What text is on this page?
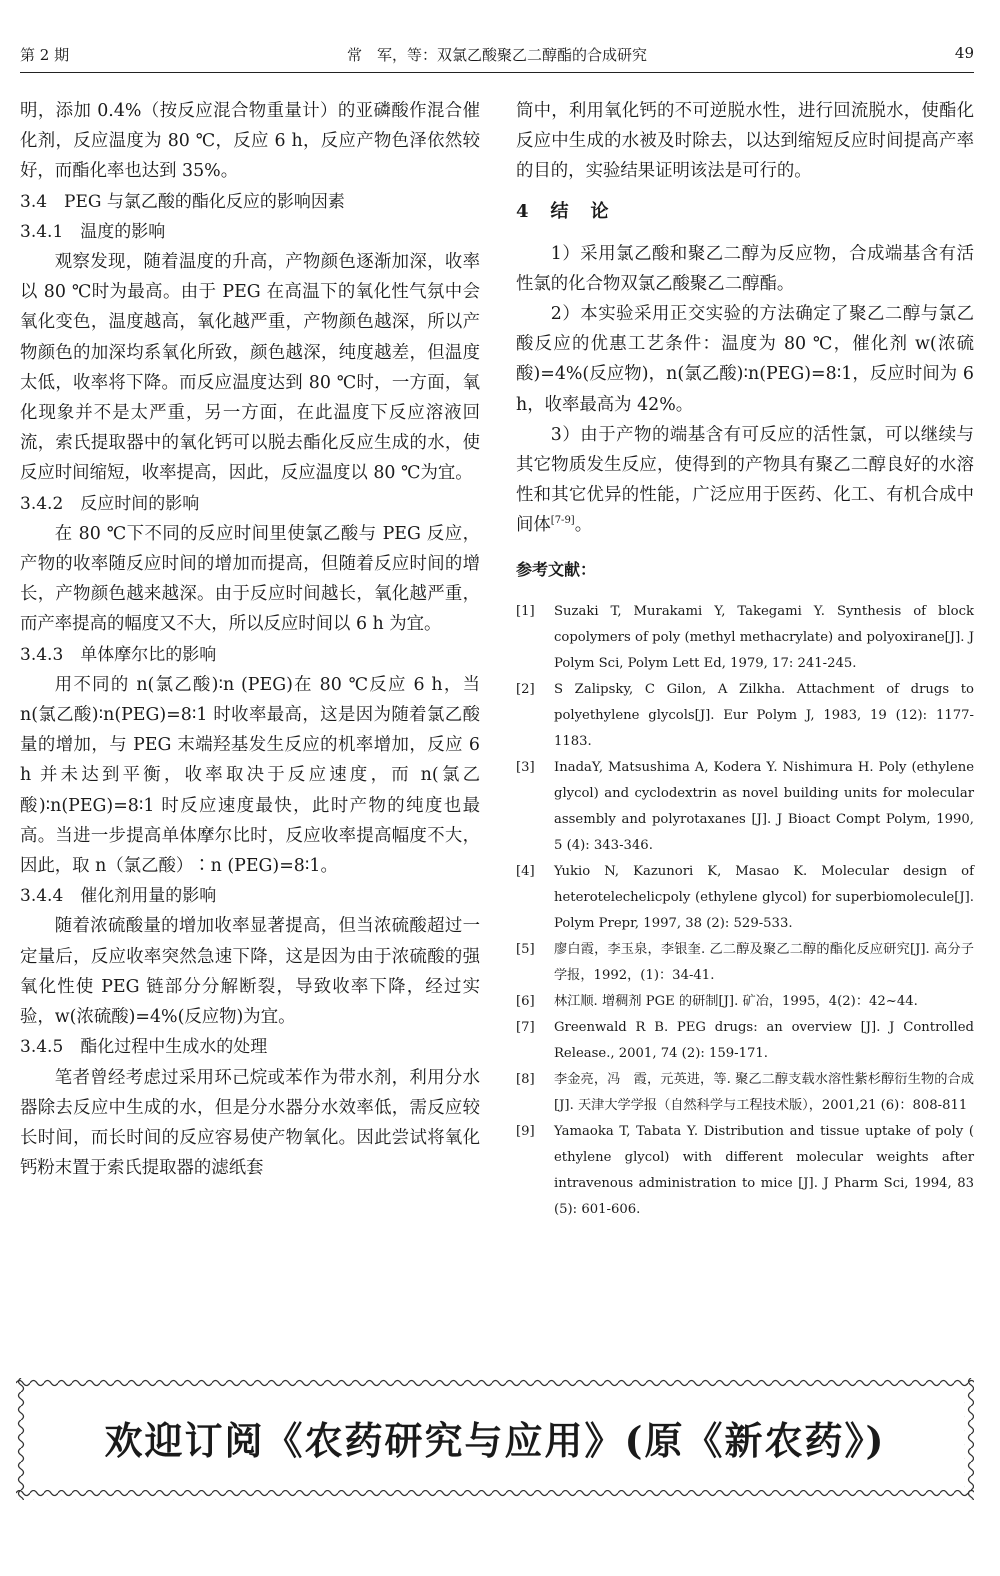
第 2 期	常　军，等：双氯乙酸聚乙二醇酯的合成研究	49

明，添加 0.4%（按反应混合物重量计）的亚磷酸作混合催化剂，反应温度为 80 ℃，反应 6 h，反应产物色泽依然较好，而酯化率也达到 35%。

3.4　PEG 与氯乙酸的酯化反应的影响因素
3.4.1　温度的影响

观察发现，随着温度的升高，产物颜色逐渐加深，收率以 80 ℃时为最高。由于 PEG 在高温下的氧化性气氛中会氧化变色，温度越高，氧化越严重，产物颜色越深，所以产物颜色的加深均系氧化所致，颜色越深，纯度越差，但温度太低，收率将下降。而反应温度达到 80 ℃时，一方面，氧化现象并不是太严重，另一方面，在此温度下反应溶液回流，索氏提取器中的氧化钙可以脱去酯化反应生成的水，使反应时间缩短，收率提高，因此，反应温度以 80 ℃为宜。

3.4.2　反应时间的影响

在 80 ℃下不同的反应时间里使氯乙酸与 PEG 反应，产物的收率随反应时间的增加而提高，但随着反应时间的增长，产物颜色越来越深。由于反应时间越长，氧化越严重，而产率提高的幅度又不大，所以反应时间以 6 h 为宜。

3.4.3　单体摩尔比的影响

用不同的 n(氯乙酸)∶n (PEG)在 80 ℃反应 6 h，当 n(氯乙酸)∶n(PEG)=8∶1 时收率最高，这是因为随着氯乙酸量的增加，与 PEG 末端羟基发生反应的机率增加，反应 6 h 并未达到平衡，收率取决于反应速度，而 n(氯乙酸)∶n(PEG)=8∶1 时反应速度最快，此时产物的纯度也最高。当进一步提高单体摩尔比时，反应收率提高幅度不大，因此，取 n（氯乙酸）∶n (PEG)=8∶1。

3.4.4　催化剂用量的影响

随着浓硫酸量的增加收率显著提高，但当浓硫酸超过一定量后，反应收率突然急速下降，这是因为由于浓硫酸的强氧化性使 PEG 链部分分解断裂，导致收率下降，经过实验，w(浓硫酸)=4%(反应物)为宜。

3.4.5　酯化过程中生成水的处理

笔者曾经考虑过采用环己烷或苯作为带水剂，利用分水器除去反应中生成的水，但是分水器分水效率低，需反应较长时间，而长时间的反应容易使产物氧化。因此尝试将氧化钙粉末置于索氏提取器的滤纸套

筒中，利用氧化钙的不可逆脱水性，进行回流脱水，使酯化反应中生成的水被及时除去，以达到缩短反应时间提高产率的目的，实验结果证明该法是可行的。

4　结　论

1）采用氯乙酸和聚乙二醇为反应物，合成端基含有活性氯的化合物双氯乙酸聚乙二醇酯。

2）本实验采用正交实验的方法确定了聚乙二醇与氯乙酸反应的优惠工艺条件：温度为 80 ℃，催化剂 w(浓硫酸)=4%(反应物)，n(氯乙酸)∶n(PEG)=8∶1，反应时间为 6 h，收率最高为 42%。

3）由于产物的端基含有可反应的活性氯，可以继续与其它物质发生反应，使得到的产物具有聚乙二醇良好的水溶性和其它优异的性能，广泛应用于医药、化工、有机合成中间体[7-9]。

参考文献：
[1]	Suzaki T, Murakami Y, Takegami Y. Synthesis of block copolymers of poly (methyl methacrylate) and polyoxirane[J]. J Polym Sci, Polym Lett Ed, 1979, 17: 241-245.
[2]	S Zalipsky, C Gilon, A Zilkha. Attachment of drugs to polyethylene glycols[J]. Eur Polym J, 1983, 19 (12): 1177-1183.
[3]	InadaY, Matsushima A, Kodera Y. Nishimura H. Poly (ethylene glycol) and cyclodextrin as novel building units for molecular assembly and polyrotaxanes [J]. J Bioact Compt Polym, 1990, 5 (4): 343-346.
[4]	Yukio N, Kazunori K, Masao K. Molecular design of heterotelechelicpoly (ethylene glycol) for superbiomolecule[J]. Polym Prepr, 1997, 38 (2): 529-533.
[5]	廖白霞，李玉泉，李银奎. 乙二醇及聚乙二醇的酯化反应研究[J]. 高分子学报，1992，(1)：34-41.
[6]	林江顺. 增稠剂 PGE 的研制[J]. 矿冶，1995，4(2)：42~44.
[7]	Greenwald R B. PEG drugs: an overview [J]. J Controlled Release., 2001, 74 (2): 159-171.
[8]	李金亮，冯　霞，元英进，等. 聚乙二醇支载水溶性紫杉醇衍生物的合成[J]. 天津大学学报（自然科学与工程技术版），2001,21 (6)：808-811
[9]	Yamaoka T, Tabata Y. Distribution and tissue uptake of poly ( ethylene glycol) with different molecular weights after intravenous administration to mice [J]. J Pharm Sci, 1994, 83 (5): 601-606.
欢迎订阅《农药研究与应用》(原《新农药》)
